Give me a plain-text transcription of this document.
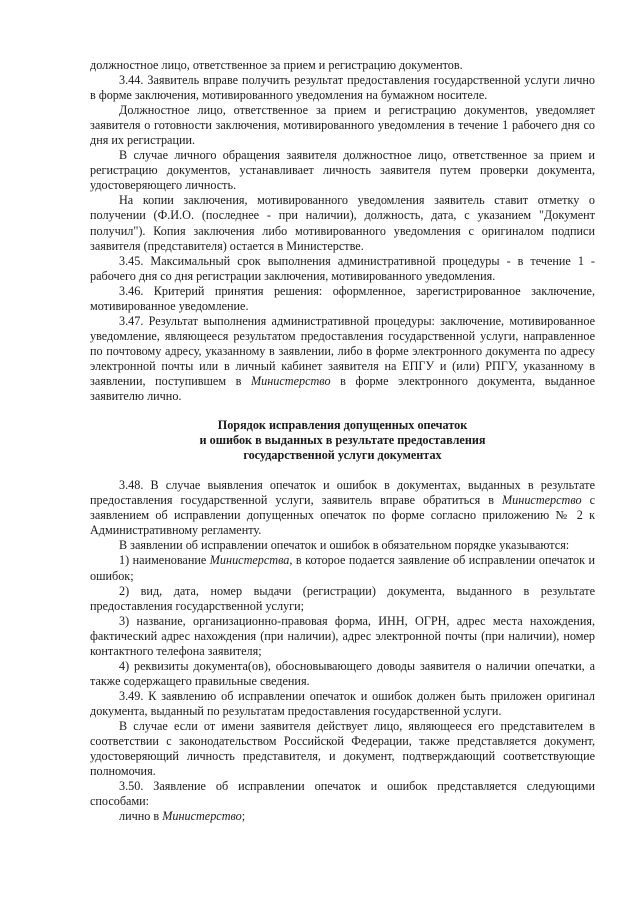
должностное лицо, ответственное за прием и регистрацию документов.

3.44. Заявитель вправе получить результат предоставления государственной услуги лично в форме заключения, мотивированного уведомления на бумажном носителе.

Должностное лицо, ответственное за прием и регистрацию документов, уведомляет заявителя о готовности заключения, мотивированного уведомления в течение 1 рабочего дня со дня их регистрации.

В случае личного обращения заявителя должностное лицо, ответственное за прием и регистрацию документов, устанавливает личность заявителя путем проверки документа, удостоверяющего личность.

На копии заключения, мотивированного уведомления заявитель ставит отметку о получении (Ф.И.О. (последнее - при наличии), должность, дата, с указанием "Документ получил"). Копия заключения либо мотивированного уведомления с оригиналом подписи заявителя (представителя) остается в Министерстве.

3.45. Максимальный срок выполнения административной процедуры - в течение 1 - рабочего дня со дня регистрации заключения, мотивированного уведомления.

3.46. Критерий принятия решения: оформленное, зарегистрированное заключение, мотивированное уведомление.

3.47. Результат выполнения административной процедуры: заключение, мотивированное уведомление, являющееся результатом предоставления государственной услуги, направленное по почтовому адресу, указанному в заявлении, либо в форме электронного документа по адресу электронной почты или в личный кабинет заявителя на ЕПГУ и (или) РПГУ, указанному в заявлении, поступившем в Министерство в форме электронного документа, выданное заявителю лично.

Порядок исправления допущенных опечаток

и ошибок в выданных в результате предоставления

государственной услуги документах

3.48. В случае выявления опечаток и ошибок в документах, выданных в результате предоставления государственной услуги, заявитель вправе обратиться в Министерство с заявлением об исправлении допущенных опечаток по форме согласно приложению № 2 к Административному регламенту.

В заявлении об исправлении опечаток и ошибок в обязательном порядке указываются:

1) наименование Министерства, в которое подается заявление об исправлении опечаток и ошибок;

2) вид, дата, номер выдачи (регистрации) документа, выданного в результате предоставления государственной услуги;

3) название, организационно-правовая форма, ИНН, ОГРН, адрес места нахождения, фактический адрес нахождения (при наличии), адрес электронной почты (при наличии), номер контактного телефона заявителя;

4) реквизиты документа(ов), обосновывающего доводы заявителя о наличии опечатки, а также содержащего правильные сведения.

3.49. К заявлению об исправлении опечаток и ошибок должен быть приложен оригинал документа, выданный по результатам предоставления государственной услуги.

В случае если от имени заявителя действует лицо, являющееся его представителем в соответствии с законодательством Российской Федерации, также представляется документ, удостоверяющий личность представителя, и документ, подтверждающий соответствующие полномочия.

3.50. Заявление об исправлении опечаток и ошибок представляется следующими способами:

лично в Министерство;
